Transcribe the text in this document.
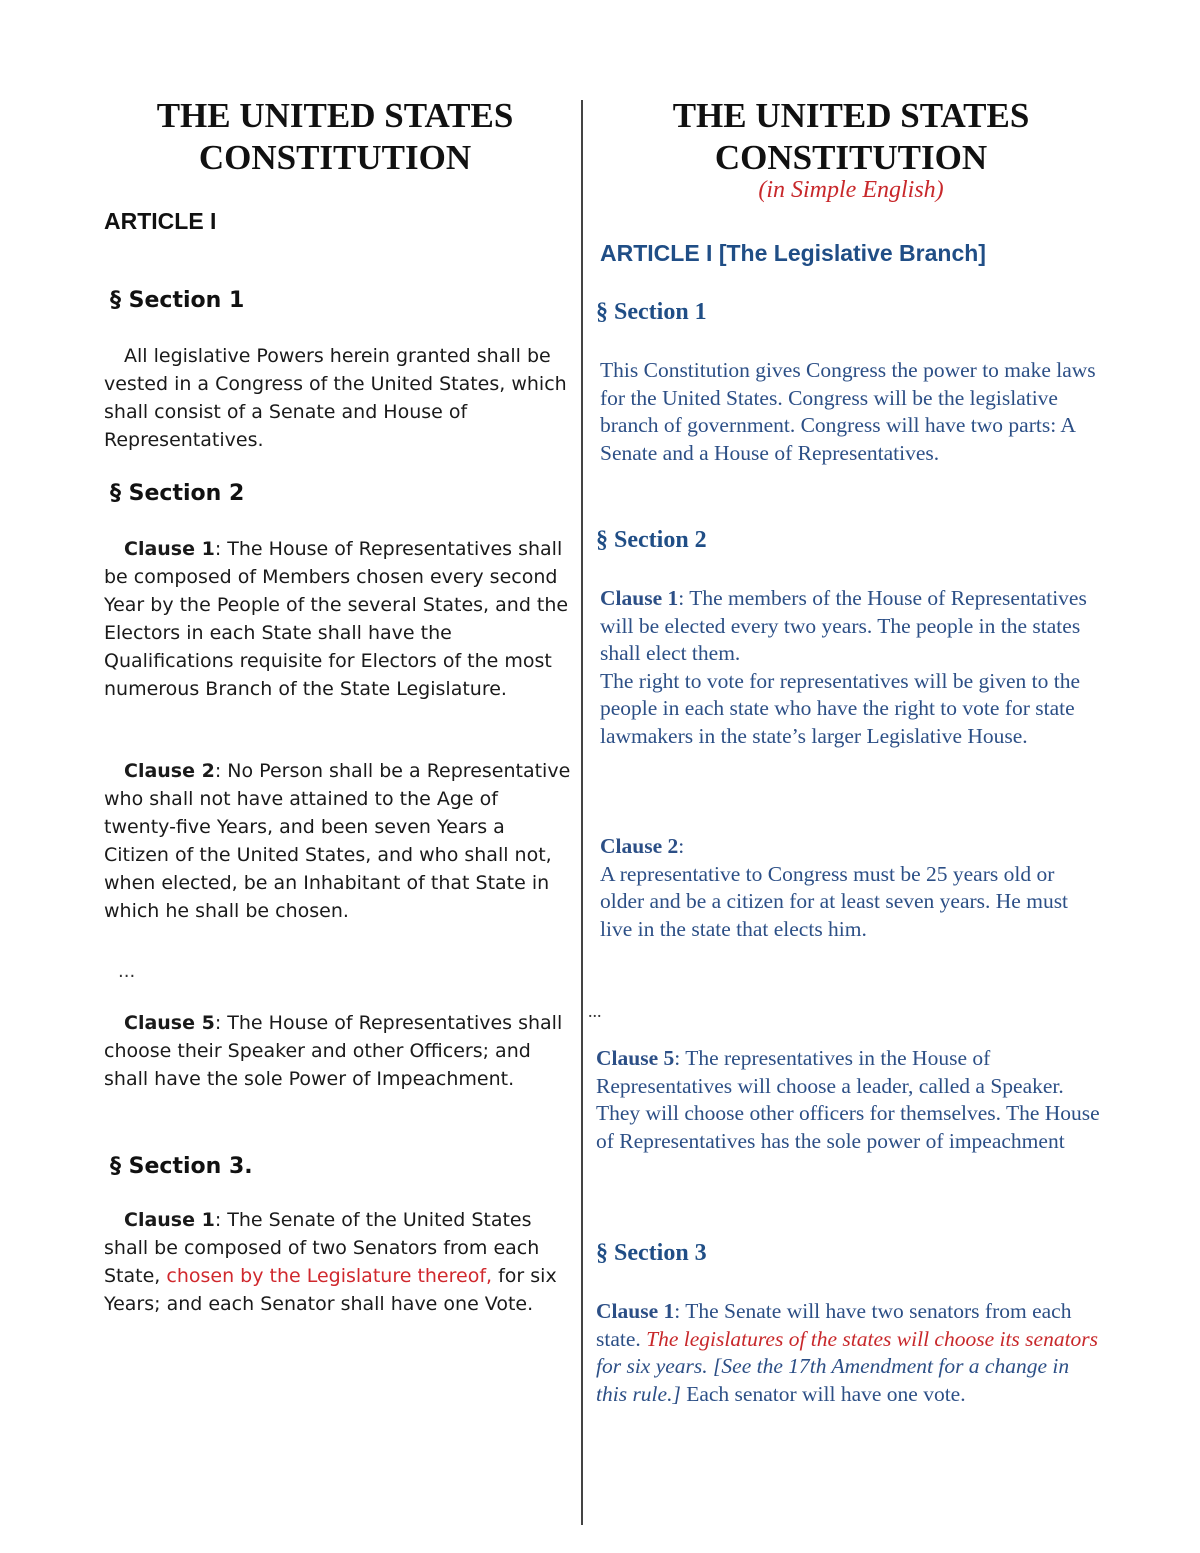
THE UNITED STATES
CONSTITUTION
ARTICLE I
§ Section 1
All legislative Powers herein granted shall be vested in a Congress of the United States, which shall consist of a Senate and House of Representatives.
§ Section 2
Clause 1: The House of Representatives shall be composed of Members chosen every second Year by the People of the several States, and the Electors in each State shall have the Qualifications requisite for Electors of the most numerous Branch of the State Legislature.
Clause 2: No Person shall be a Representative who shall not have attained to the Age of twenty-five Years, and been seven Years a Citizen of the United States, and who shall not, when elected, be an Inhabitant of that State in which he shall be chosen.
...
Clause 5: The House of Representatives shall choose their Speaker and other Officers; and shall have the sole Power of Impeachment.
§ Section 3.
Clause 1: The Senate of the United States shall be composed of two Senators from each State, chosen by the Legislature thereof, for six Years; and each Senator shall have one Vote.
THE UNITED STATES
CONSTITUTION
(in Simple English)
ARTICLE I [The Legislative Branch]
§ Section 1
This Constitution gives Congress the power to make laws for the United States. Congress will be the legislative branch of government. Congress will have two parts: A Senate and a House of Representatives.
§ Section 2
Clause 1: The members of the House of Representatives will be elected every two years. The people in the states shall elect them.
The right to vote for representatives will be given to the people in each state who have the right to vote for state lawmakers in the state’s larger Legislative House.
Clause 2:
A representative to Congress must be 25 years old or older and be a citizen for at least seven years. He must live in the state that elects him.
...
Clause 5: The representatives in the House of Representatives will choose a leader, called a Speaker. They will choose other officers for themselves. The House of Representatives has the sole power of impeachment
§ Section 3
Clause 1: The Senate will have two senators from each state. The legislatures of the states will choose its senators for six years. [See the 17th Amendment for a change in this rule.] Each senator will have one vote.
